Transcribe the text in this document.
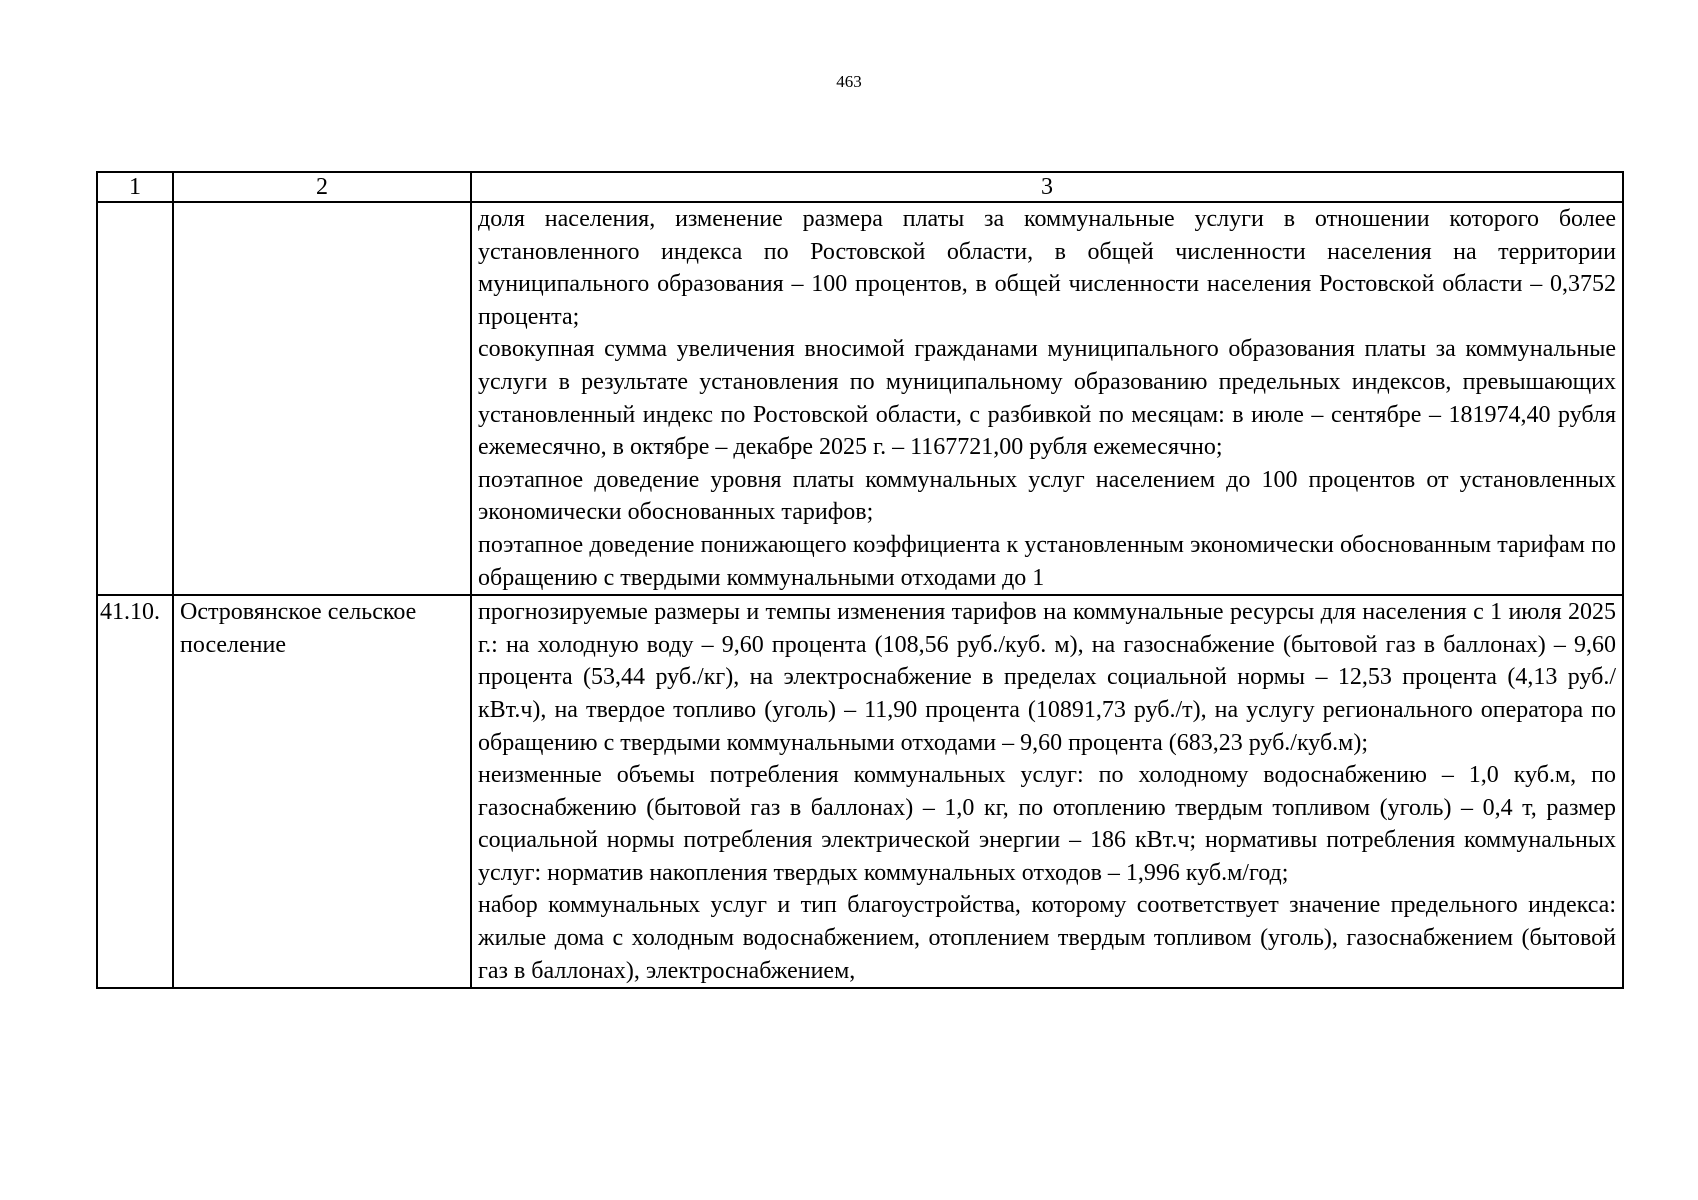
463
1	2	3

		доля населения, изменение размера платы за коммунальные услуги в отношении которого более установленного индекса по Ростовской области, в общей численности населения на территории муниципального образования – 100 процентов, в общей численности населения Ростовской области – 0,3752 процента;
совокупная сумма увеличения вносимой гражданами муниципального образования платы за коммунальные услуги в результате установления по муниципальному образованию предельных индексов, превышающих установленный индекс по Ростовской области, с разбивкой по месяцам: в июле – сентябре – 181974,40 рубля ежемесячно, в октябре – декабре 2025 г. – 1167721,00 рубля ежемесячно;
поэтапное доведение уровня платы коммунальных услуг населением до 100 процентов от установленных экономически обоснованных тарифов;
поэтапное доведение понижающего коэффициента к установленным экономически обоснованным тарифам по обращению с твердыми коммунальными отходами до 1

41.10.	Островянское сельское поселение	прогнозируемые размеры и темпы изменения тарифов на коммунальные ресурсы для населения с 1 июля 2025 г.: на холодную воду – 9,60 процента (108,56 руб./куб. м), на газоснабжение (бытовой газ в баллонах) – 9,60 процента (53,44 руб./кг), на электроснабжение в пределах социальной нормы – 12,53 процента (4,13 руб./кВт.ч), на твердое топливо (уголь) – 11,90 процента (10891,73 руб./т), на услугу регионального оператора по обращению с твердыми коммунальными отходами – 9,60 процента (683,23 руб./куб.м);
неизменные объемы потребления коммунальных услуг: по холодному водоснабжению – 1,0 куб.м, по газоснабжению (бытовой газ в баллонах) – 1,0 кг, по отоплению твердым топливом (уголь) – 0,4 т, размер социальной нормы потребления электрической энергии – 186 кВт.ч; нормативы потребления коммунальных услуг: норматив накопления твердых коммунальных отходов – 1,996 куб.м/год;
набор коммунальных услуг и тип благоустройства, которому соответствует значение предельного индекса: жилые дома с холодным водоснабжением, отоплением твердым топливом (уголь), газоснабжением (бытовой газ в баллонах), электроснабжением,
